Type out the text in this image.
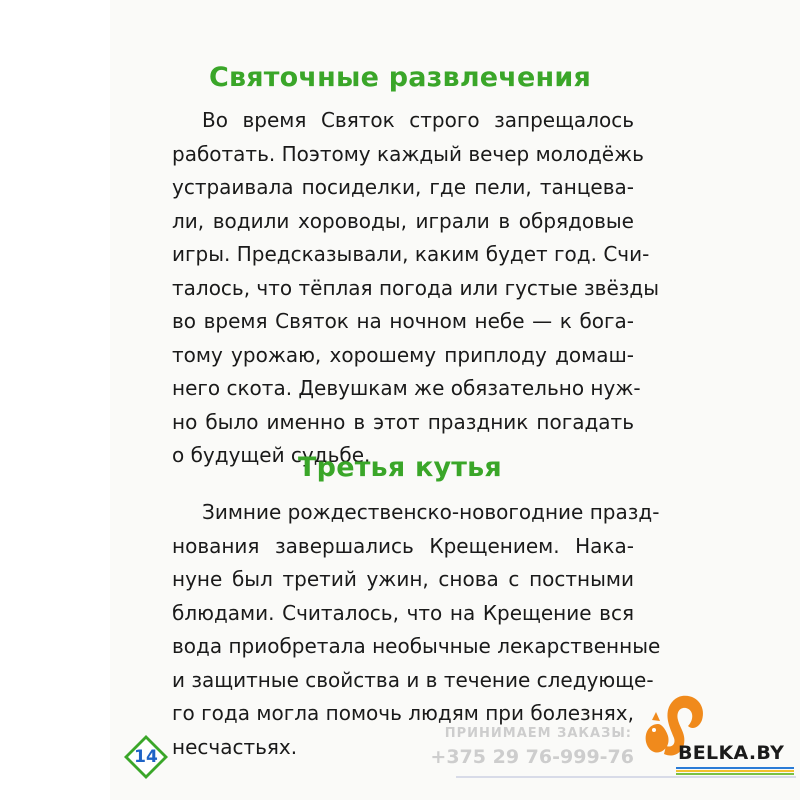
Святочные развлечения

Во время Святок строго запрещалось
работать. Поэтому каждый вечер молодёжь
устраивала посиделки, где пели, танцева-
ли, водили хороводы, играли в обрядовые
игры. Предсказывали, каким будет год. Счи-
талось, что тёплая погода или густые звёзды
во время Святок на ночном небе — к бога-
тому урожаю, хорошему приплоду домаш-
него скота. Девушкам же обязательно нуж-
но было именно в этот праздник погадать
о будущей судьбе.

Третья кутья

Зимние рождественско-новогодние празд-
нования завершались Крещением. Нака-
нуне был третий ужин, снова с постными
блюдами. Считалось, что на Крещение вся
вода приобретала необычные лекарственные
и защитные свойства и в течение следующе-
го года могла помочь людям при болезнях,
несчастьях.

14
ПРИНИМАЕМ ЗАКАЗЫ:
+375 29 76-999-76 BELKA.BY
